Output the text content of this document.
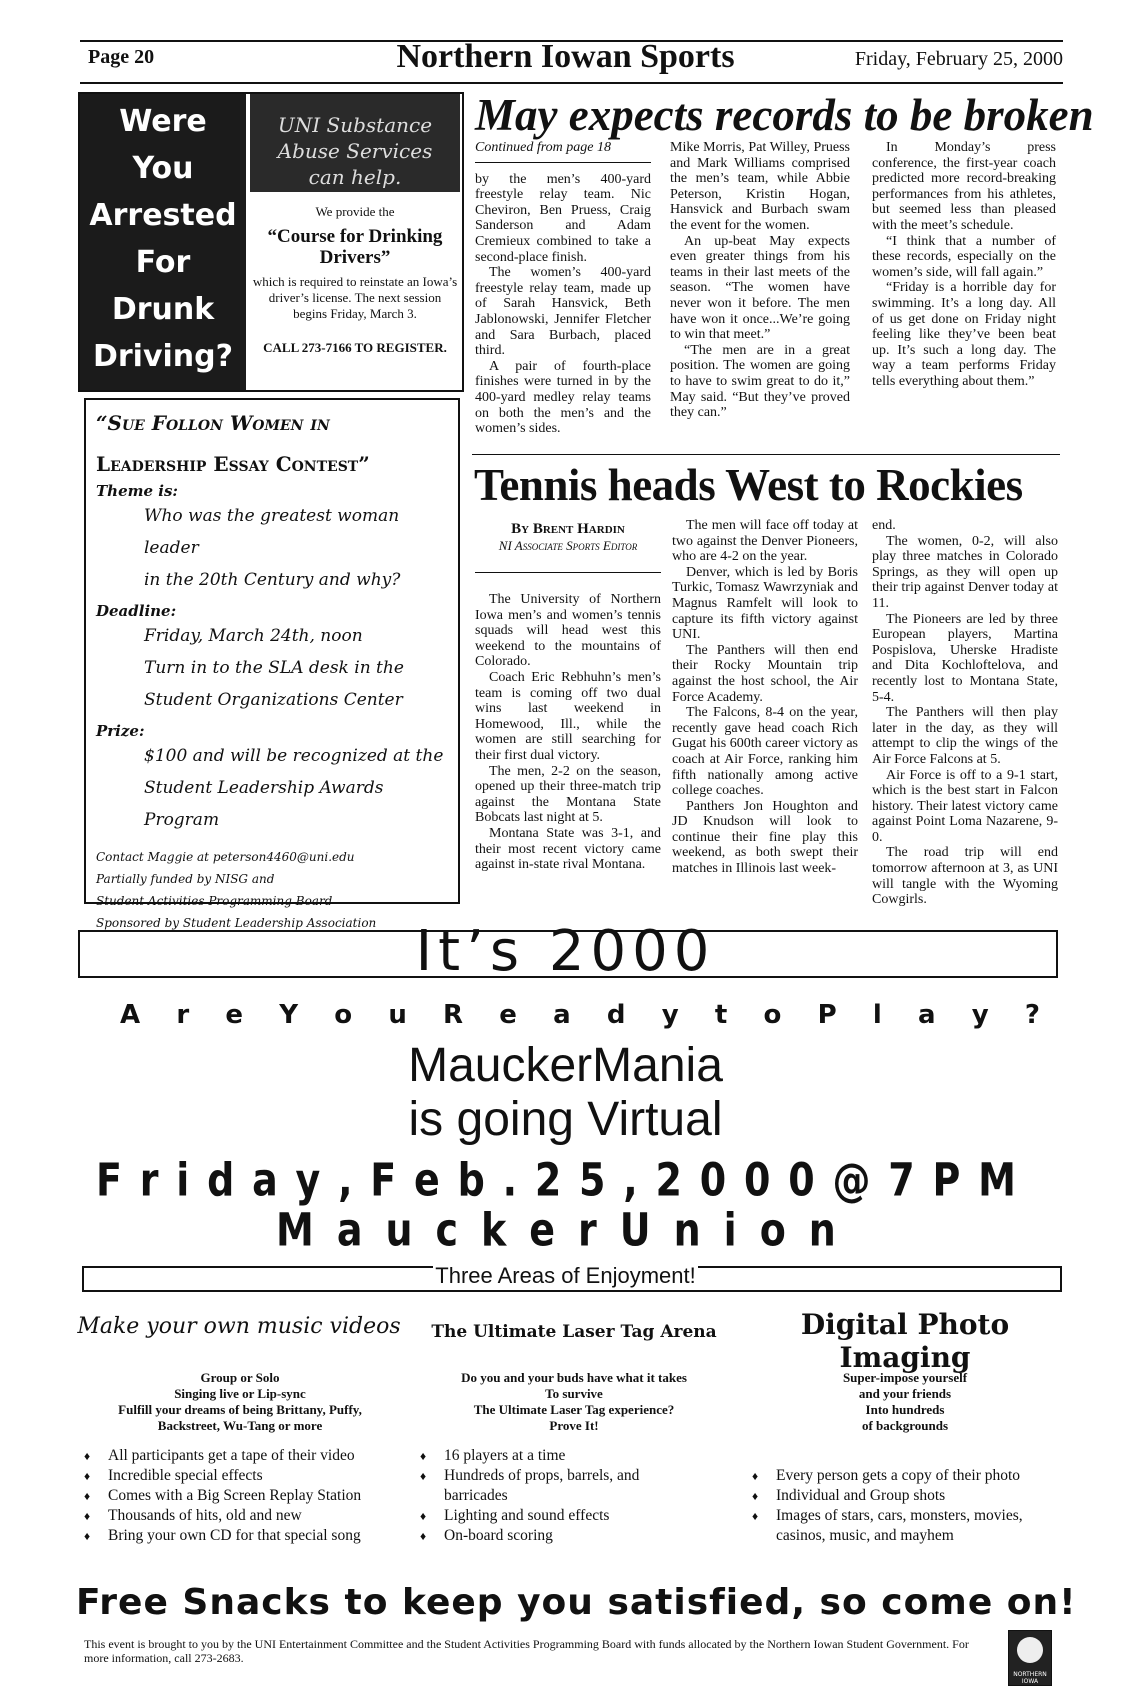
Page 20	Northern Iowan Sports	Friday, February 25, 2000
Were
You
Arrested
For
Drunk
Driving?
UNI Substance
Abuse Services
can help.
We provide the
“Course for Drinking Drivers”
which is required to reinstate an Iowa’s driver’s license. The next session begins Friday, March 3.
CALL 273-7166 TO REGISTER.
“Sue Follon Women in
Leadership Essay Contest”
Theme is:
Who was the greatest woman leader
in the 20th Century and why?
Deadline:
Friday, March 24th, noon
Turn in to the SLA desk in the
Student Organizations Center
Prize:
$100 and will be recognized at the
Student Leadership Awards Program
Contact Maggie at peterson4460@uni.edu
Partially funded by NISG and
Student Activities Programming Board
Sponsored by Student Leadership Association
May expects records to be broken

Continued from page 18

by the men’s 400-yard freestyle relay team. Nic Cheviron, Ben Pruess, Craig Sanderson and Adam Cremieux combined to take a second-place finish.

The women’s 400-yard freestyle relay team, made up of Sarah Hansvick, Beth Jablonowski, Jennifer Fletcher and Sara Burbach, placed third.

A pair of fourth-place finishes were turned in by the 400-yard medley relay teams on both the men’s and the women’s sides.

Mike Morris, Pat Willey, Pruess and Mark Williams comprised the men’s team, while Abbie Peterson, Kristin Hogan, Hansvick and Burbach swam the event for the women.

An up-beat May expects even greater things from his teams in their last meets of the season. “The women have never won it before. The men have won it once...We’re going to win that meet.”

“The men are in a great position. The women are going to have to swim great to do it,” May said. “But they’ve proved they can.”

In Monday’s press conference, the first-year coach predicted more record-breaking performances from his athletes, but seemed less than pleased with the meet’s schedule.

“I think that a number of these records, especially on the women’s side, will fall again.”

“Friday is a horrible day for swimming. It’s a long day. All of us get done on Friday night feeling like they’ve been beat up. It’s such a long day. The way a team performs Friday tells everything about them.”

Tennis heads West to Rockies
By Brent Hardin
NI Associate Sports Editor

The University of Northern Iowa men’s and women’s tennis squads will head west this weekend to the mountains of Colorado.

Coach Eric Rebhuhn’s men’s team is coming off two dual wins last weekend in Homewood, Ill., while the women are still searching for their first dual victory.

The men, 2-2 on the season, opened up their three-match trip against the Montana State Bobcats last night at 5.

Montana State was 3-1, and their most recent victory came against in-state rival Montana.

The men will face off today at two against the Denver Pioneers, who are 4-2 on the year.

Denver, which is led by Boris Turkic, Tomasz Wawrzyniak and Magnus Ramfelt will look to capture its fifth victory against UNI.

The Panthers will then end their Rocky Mountain trip against the host school, the Air Force Academy.

The Falcons, 8-4 on the year, recently gave head coach Rich Gugat his 600th career victory as coach at Air Force, ranking him fifth nationally among active college coaches.

Panthers Jon Houghton and JD Knudson will look to continue their fine play this weekend, as both swept their matches in Illinois last week-

end.

The women, 0-2, will also play three matches in Colorado Springs, as they will open up their trip against Denver today at 11.

The Pioneers are led by three European players, Martina Pospislova, Uherske Hradiste and Dita Kochloftelova, and recently lost to Montana State, 5-4.

The Panthers will then play later in the day, as they will attempt to clip the wings of the Air Force Falcons at 5.

Air Force is off to a 9-1 start, which is the best start in Falcon history. Their latest victory came against Point Loma Nazarene, 9-0.

The road trip will end tomorrow afternoon at 3, as UNI will tangle with the Wyoming Cowgirls.

It’s 2000
A r e Y o u R e a d y t o P l a y ?
MauckerMania
is going Virtual
F r i d a y , F e b . 2 5 , 2 0 0 0 @ 7 P M
M a u c k e r U n i o n
Three Areas of Enjoyment!
Make your own music videos	The Ultimate Laser Tag Arena	Digital Photo Imaging
Group or Solo
Singing live or Lip-sync
Fulfill your dreams of being Brittany, Puffy,
Backstreet, Wu-Tang or more
Do you and your buds have what it takes
To survive
The Ultimate Laser Tag experience?
Prove It!
Super-impose yourself
and your friends
Into hundreds
of backgrounds
♦ All participants get a tape of their video
♦ Incredible special effects
♦ Comes with a Big Screen Replay Station
♦ Thousands of hits, old and new
♦ Bring your own CD for that special song
♦ 16 players at a time
♦ Hundreds of props, barrels, and barricades
♦ Lighting and sound effects
♦ On-board scoring
♦ Every person gets a copy of their photo
♦ Individual and Group shots
♦ Images of stars, cars, monsters, movies, casinos, music, and mayhem
Free Snacks to keep you satisfied, so come on!
This event is brought to you by the UNI Entertainment Committee and the Student Activities Programming Board with funds allocated by the Northern Iowan Student Government. For more information, call 273-2683.
NORTHERN IOWA
